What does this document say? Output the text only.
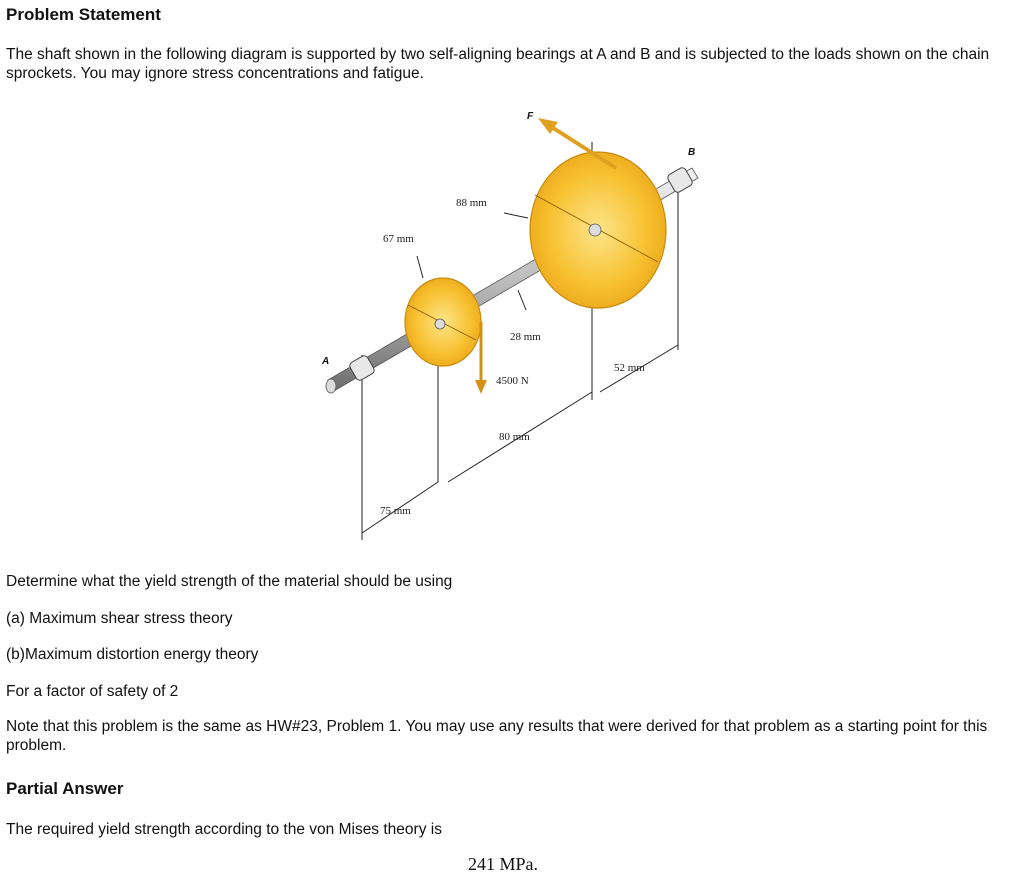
Problem Statement
The shaft shown in the following diagram is supported by two self-aligning bearings at A and B and is subjected to the loads shown on the chain sprockets. You may ignore stress concentrations and fatigue.
F
B
A
88 mm
67 mm
28 mm
52 mm
4500 N
80 mm
75 mm
Determine what the yield strength of the material should be using
(a) Maximum shear stress theory
(b)Maximum distortion energy theory
For a factor of safety of 2
Note that this problem is the same as HW#23, Problem 1. You may use any results that were derived for that problem as a starting point for this problem.
Partial Answer
The required yield strength according to the von Mises theory is
241 MPa.
